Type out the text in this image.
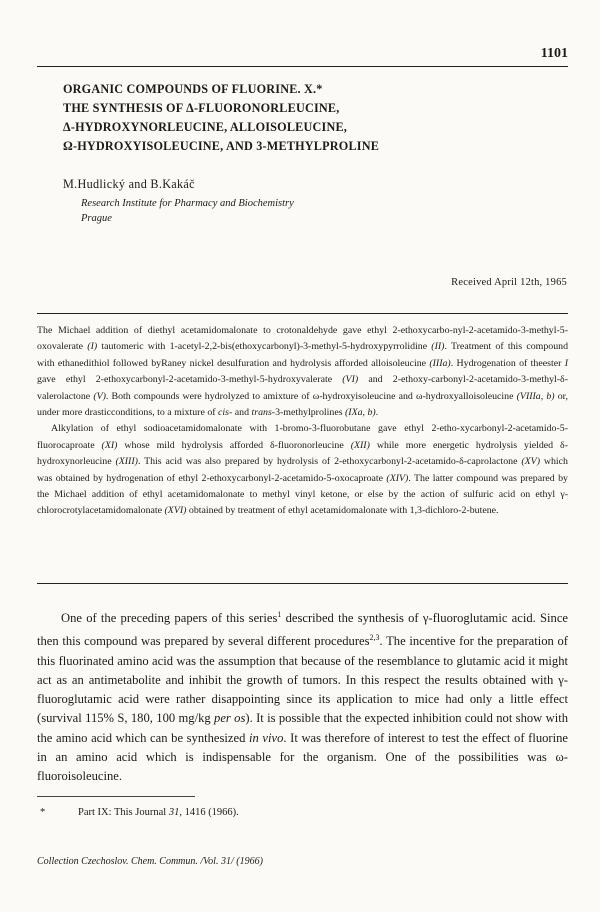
1101
ORGANIC COMPOUNDS OF FLUORINE. X.*
THE SYNTHESIS OF Δ-FLUORONORLEUCINE,
Δ-HYDROXYNORLEUCINE, ALLOISOLEUCINE,
Ω-HYDROXYISOLEUCINE, AND 3-METHYLPROLINE
M.Hudlický and B.Kakáč
Research Institute for Pharmacy and Biochemistry
Prague
Received April 12th, 1965

The Michael addition of diethyl acetamidomalonate to crotonaldehyde gave ethyl 2-ethoxycarbo-nyl-2-acetamido-3-methyl-5-oxovalerate (I) tautomeric with 1-acetyl-2,2-bis(ethoxycarbonyl)-3-methyl-5-hydroxypyrrolidine (II). Treatment of this compound with ethanedithiol followed byRaney nickel desulfuration and hydrolysis afforded alloisoleucine (IIIa). Hydrogenation of theester I gave ethyl 2-ethoxycarbonyl-2-acetamido-3-methyl-5-hydroxyvalerate (VI) and 2-ethoxy-carbonyl-2-acetamido-3-methyl-δ-valerolactone (V). Both compounds were hydrolyzed to amixture of ω-hydroxyisoleucine and ω-hydroxyalloisoleucine (VIIIa, b) or, under more drasticconditions, to a mixture of cis- and trans-3-methylprolines (IXa, b).

Alkylation of ethyl sodioacetamidomalonate with 1-bromo-3-fluorobutane gave ethyl 2-etho-xycarbonyl-2-acetamido-5-fluorocaproate (XI) whose mild hydrolysis afforded δ-fluoronorleucine (XII) while more energetic hydrolysis yielded δ-hydroxynorleucine (XIII). This acid was also prepared by hydrolysis of 2-ethoxycarbonyl-2-acetamido-δ-caprolactone (XV) which was obtained by hydrogenation of ethyl 2-ethoxycarbonyl-2-acetamido-5-oxocaproate (XIV). The latter compound was prepared by the Michael addition of ethyl acetamidomalonate to methyl vinyl ketone, or else by the action of sulfuric acid on ethyl γ-chlorocrotylacetamidomalonate (XVI) obtained by treatment of ethyl acetamidomalonate with 1,3-dichloro-2-butene.

One of the preceding papers of this series$^1$ described the synthesis of γ-fluoroglutamic acid. Since then this compound was prepared by several different procedures$^{2,3}$. The incentive for the preparation of this fluorinated amino acid was the assumption that because of the resemblance to glutamic acid it might act as an antimetabolite and inhibit the growth of tumors. In this respect the results obtained with γ-fluoroglutamic acid were rather disappointing since its application to mice had only a little effect (survival 115% S, 180, 100 mg/kg per os). It is possible that the expected inhibition could not show with the amino acid which can be synthesized in vivo. It was therefore of interest to test the effect of fluorine in an amino acid which is indispensable for the organism. One of the possibilities was ω-fluoroisoleucine.

*	Part IX: This Journal 31, 1416 (1966).
Collection Czechoslov. Chem. Commun. /Vol. 31/ (1966)
